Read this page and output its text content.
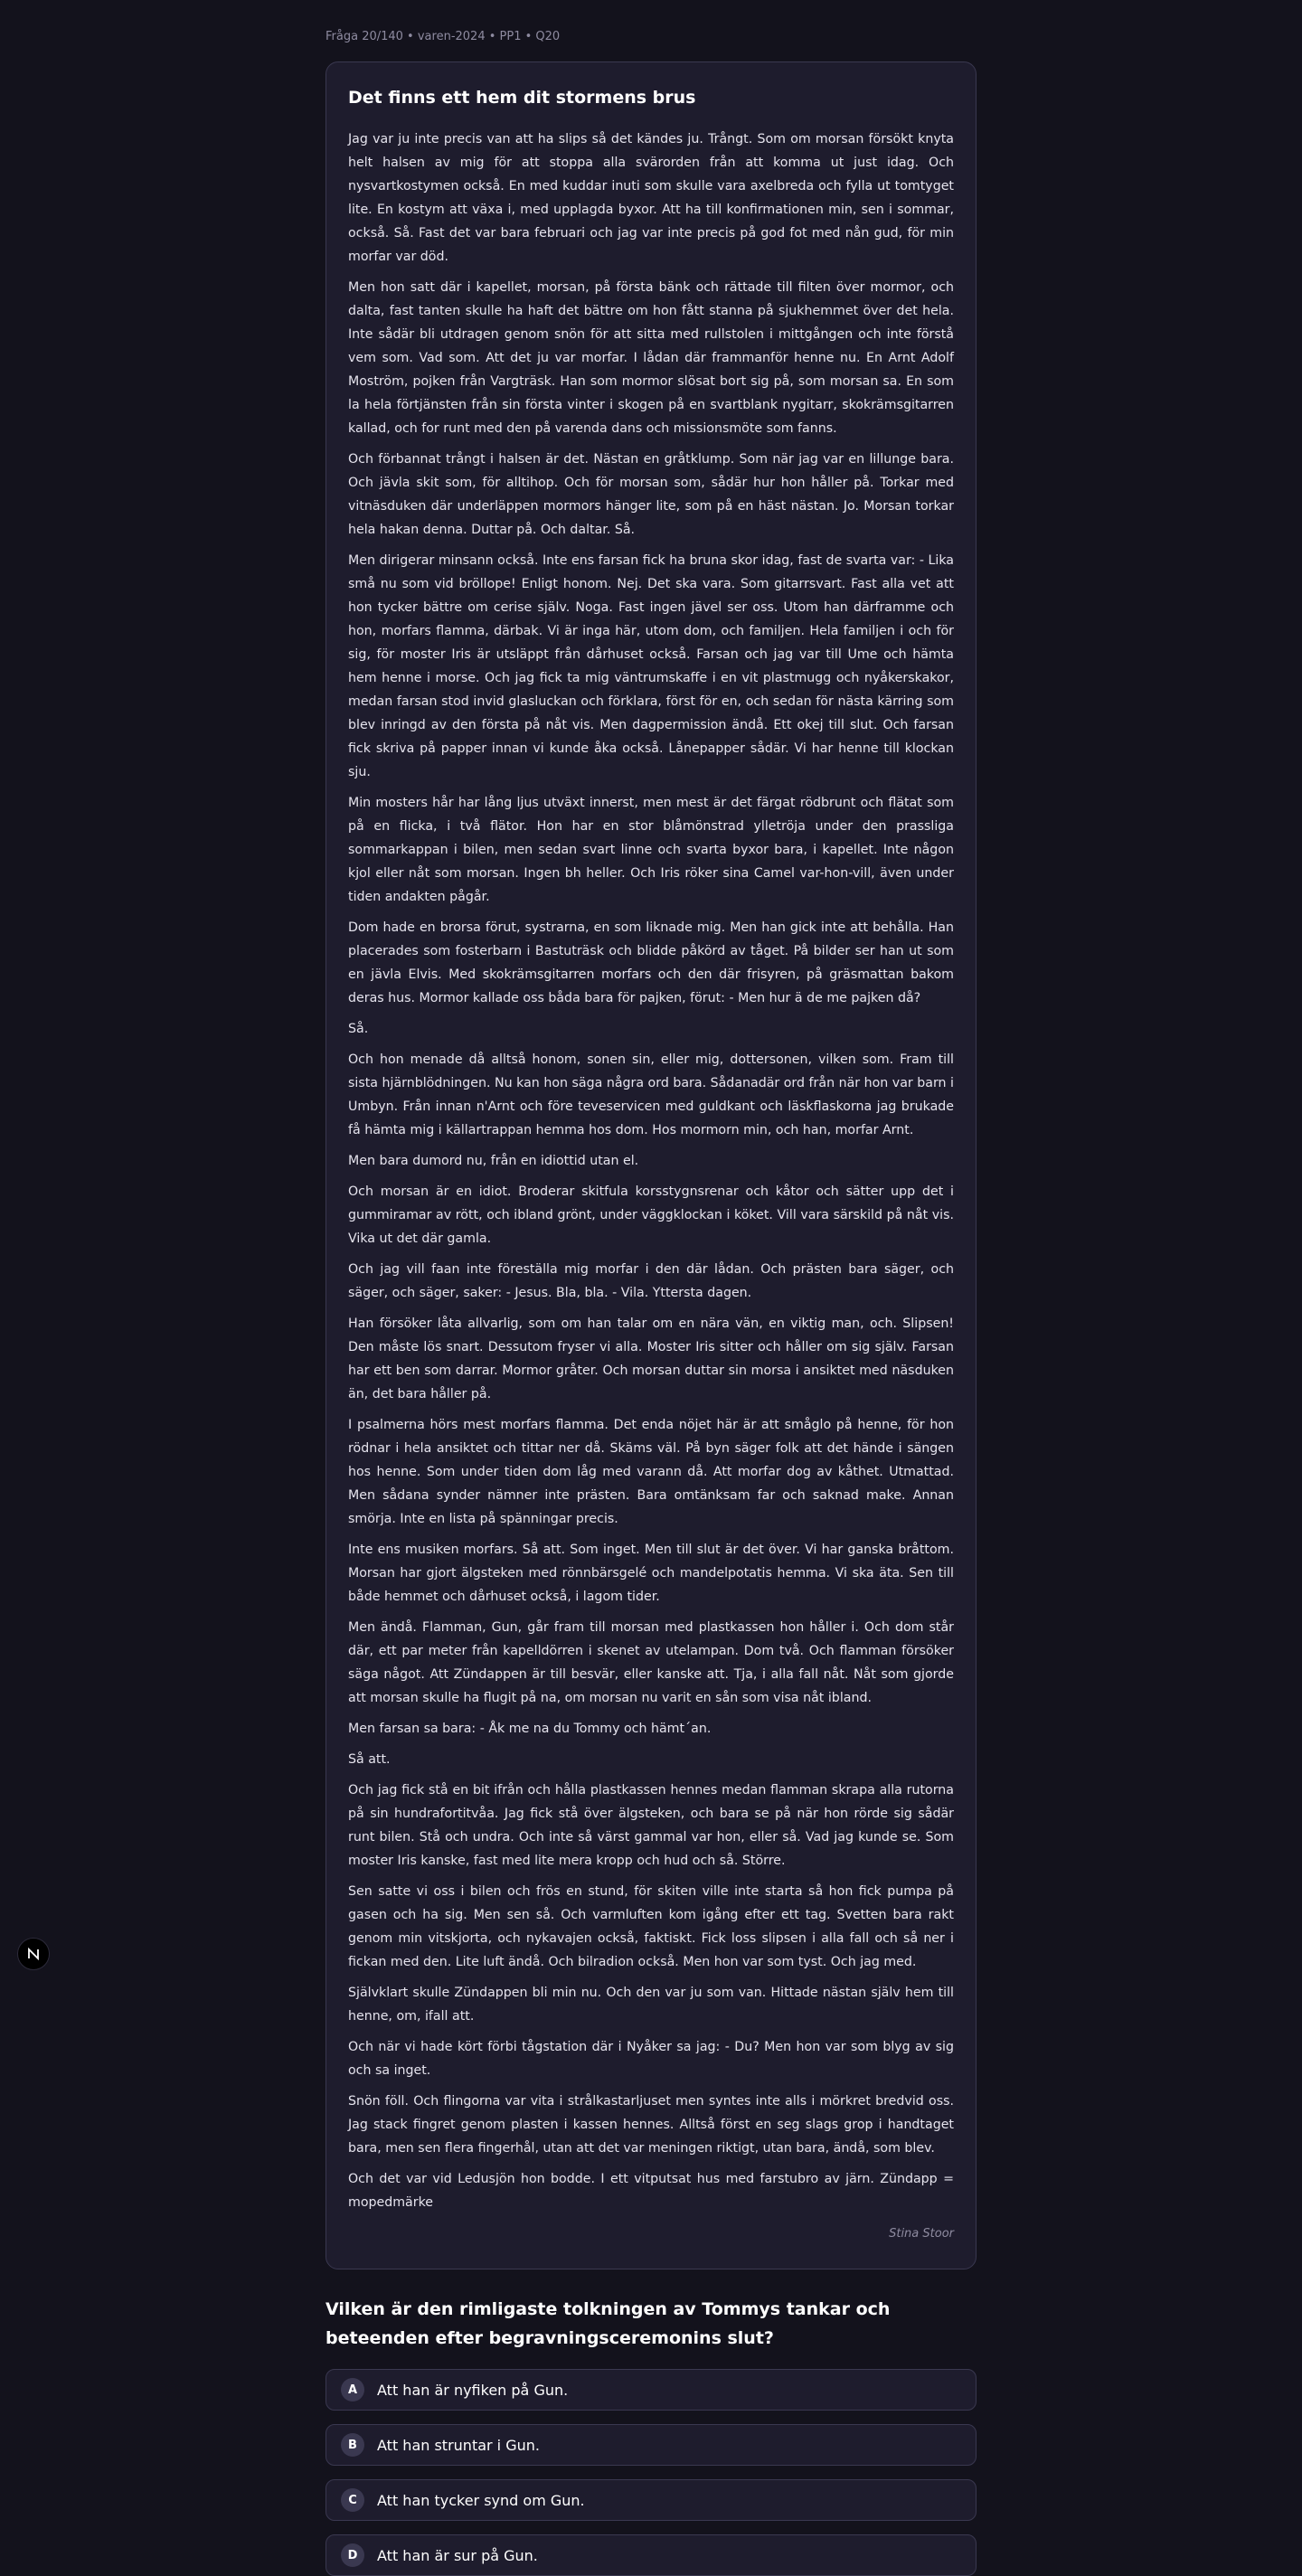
Fråga 20/140 • varen-2024 • PP1 • Q20
Det finns ett hem dit stormens brus

Jag var ju inte precis van att ha slips så det kändes ju. Trångt. Som om morsan försökt knyta helt halsen av mig för att stoppa alla svärorden från att komma ut just idag. Och nysvartkostymen också. En med kuddar inuti som skulle vara axelbreda och fylla ut tomtyget lite. En kostym att växa i, med upplagda byxor. Att ha till konfirmationen min, sen i sommar, också. Så. Fast det var bara februari och jag var inte precis på god fot med nån gud, för min morfar var död.

Men hon satt där i kapellet, morsan, på första bänk och rättade till filten över mormor, och dalta, fast tanten skulle ha haft det bättre om hon fått stanna på sjukhemmet över det hela. Inte sådär bli utdragen genom snön för att sitta med rullstolen i mittgången och inte förstå vem som. Vad som. Att det ju var morfar. I lådan där frammanför henne nu. En Arnt Adolf Moström, pojken från Vargträsk. Han som mormor slösat bort sig på, som morsan sa. En som la hela förtjänsten från sin första vinter i skogen på en svartblank nygitarr, skokrämsgitarren kallad, och for runt med den på varenda dans och missionsmöte som fanns.

Och förbannat trångt i halsen är det. Nästan en gråtklump. Som när jag var en lillunge bara. Och jävla skit som, för alltihop. Och för morsan som, sådär hur hon håller på. Torkar med vitnäsduken där underläppen mormors hänger lite, som på en häst nästan. Jo. Morsan torkar hela hakan denna. Duttar på. Och daltar. Så.

Men dirigerar minsann också. Inte ens farsan fick ha bruna skor idag, fast de svarta var: - Lika små nu som vid bröllope! Enligt honom. Nej. Det ska vara. Som gitarrsvart. Fast alla vet att hon tycker bättre om cerise själv. Noga. Fast ingen jävel ser oss. Utom han därframme och hon, morfars flamma, därbak. Vi är inga här, utom dom, och familjen. Hela familjen i och för sig, för moster Iris är utsläppt från dårhuset också. Farsan och jag var till Ume och hämta hem henne i morse. Och jag fick ta mig väntrumskaffe i en vit plastmugg och nyåkerskakor, medan farsan stod invid glasluckan och förklara, först för en, och sedan för nästa kärring som blev inringd av den första på nåt vis. Men dagpermission ändå. Ett okej till slut. Och farsan fick skriva på papper innan vi kunde åka också. Lånepapper sådär. Vi har henne till klockan sju.

Min mosters hår har lång ljus utväxt innerst, men mest är det färgat rödbrunt och flätat som på en flicka, i två flätor. Hon har en stor blåmönstrad ylletröja under den prassliga sommarkappan i bilen, men sedan svart linne och svarta byxor bara, i kapellet. Inte någon kjol eller nåt som morsan. Ingen bh heller. Och Iris röker sina Camel var-hon-vill, även under tiden andakten pågår.

Dom hade en brorsa förut, systrarna, en som liknade mig. Men han gick inte att behålla. Han placerades som fosterbarn i Bastuträsk och blidde påkörd av tåget. På bilder ser han ut som en jävla Elvis. Med skokrämsgitarren morfars och den där frisyren, på gräsmattan bakom deras hus. Mormor kallade oss båda bara för pajken, förut: - Men hur ä de me pajken då?

Så.

Och hon menade då alltså honom, sonen sin, eller mig, dottersonen, vilken som. Fram till sista hjärnblödningen. Nu kan hon säga några ord bara. Sådanadär ord från när hon var barn i Umbyn. Från innan n'Arnt och före teveservicen med guldkant och läskflaskorna jag brukade få hämta mig i källartrappan hemma hos dom. Hos mormorn min, och han, morfar Arnt.

Men bara dumord nu, från en idiottid utan el.

Och morsan är en idiot. Broderar skitfula korsstygnsrenar och kåtor och sätter upp det i gummiramar av rött, och ibland grönt, under väggklockan i köket. Vill vara särskild på nåt vis. Vika ut det där gamla.

Och jag vill faan inte föreställa mig morfar i den där lådan. Och prästen bara säger, och säger, och säger, saker: - Jesus. Bla, bla. - Vila. Yttersta dagen.

Han försöker låta allvarlig, som om han talar om en nära vän, en viktig man, och. Slipsen! Den måste lös snart. Dessutom fryser vi alla. Moster Iris sitter och håller om sig själv. Farsan har ett ben som darrar. Mormor gråter. Och morsan duttar sin morsa i ansiktet med näsduken än, det bara håller på.

I psalmerna hörs mest morfars flamma. Det enda nöjet här är att småglo på henne, för hon rödnar i hela ansiktet och tittar ner då. Skäms väl. På byn säger folk att det hände i sängen hos henne. Som under tiden dom låg med varann då. Att morfar dog av kåthet. Utmattad. Men sådana synder nämner inte prästen. Bara omtänksam far och saknad make. Annan smörja. Inte en lista på spänningar precis.

Inte ens musiken morfars. Så att. Som inget. Men till slut är det över. Vi har ganska bråttom. Morsan har gjort älgsteken med rönnbärsgelé och mandelpotatis hemma. Vi ska äta. Sen till både hemmet och dårhuset också, i lagom tider.

Men ändå. Flamman, Gun, går fram till morsan med plastkassen hon håller i. Och dom står där, ett par meter från kapelldörren i skenet av utelampan. Dom två. Och flamman försöker säga något. Att Zündappen är till besvär, eller kanske att. Tja, i alla fall nåt. Nåt som gjorde att morsan skulle ha flugit på na, om morsan nu varit en sån som visa nåt ibland.

Men farsan sa bara: - Åk me na du Tommy och hämt´an.

Så att.

Och jag fick stå en bit ifrån och hålla plastkassen hennes medan flamman skrapa alla rutorna på sin hundrafortitvåa. Jag fick stå över älgsteken, och bara se på när hon rörde sig sådär runt bilen. Stå och undra. Och inte så värst gammal var hon, eller så. Vad jag kunde se. Som moster Iris kanske, fast med lite mera kropp och hud och så. Större.

Sen satte vi oss i bilen och frös en stund, för skiten ville inte starta så hon fick pumpa på gasen och ha sig. Men sen så. Och varmluften kom igång efter ett tag. Svetten bara rakt genom min vitskjorta, och nykavajen också, faktiskt. Fick loss slipsen i alla fall och så ner i fickan med den. Lite luft ändå. Och bilradion också. Men hon var som tyst. Och jag med.

Självklart skulle Zündappen bli min nu. Och den var ju som van. Hittade nästan själv hem till henne, om, ifall att.

Och när vi hade kört förbi tågstation där i Nyåker sa jag: - Du? Men hon var som blyg av sig och sa inget.

Snön föll. Och flingorna var vita i strålkastarljuset men syntes inte alls i mörkret bredvid oss. Jag stack fingret genom plasten i kassen hennes. Alltså först en seg slags grop i handtaget bara, men sen flera fingerhål, utan att det var meningen riktigt, utan bara, ändå, som blev.

Och det var vid Ledusjön hon bodde. I ett vitputsat hus med farstubro av järn. Zündapp = mopedmärke

Stina Stoor
Vilken är den rimligaste tolkningen av Tommys tankar och beteenden efter begravningsceremonins slut?
A	Att han är nyfiken på Gun.
B	Att han struntar i Gun.
C	Att han tycker synd om Gun.
D	Att han är sur på Gun.
